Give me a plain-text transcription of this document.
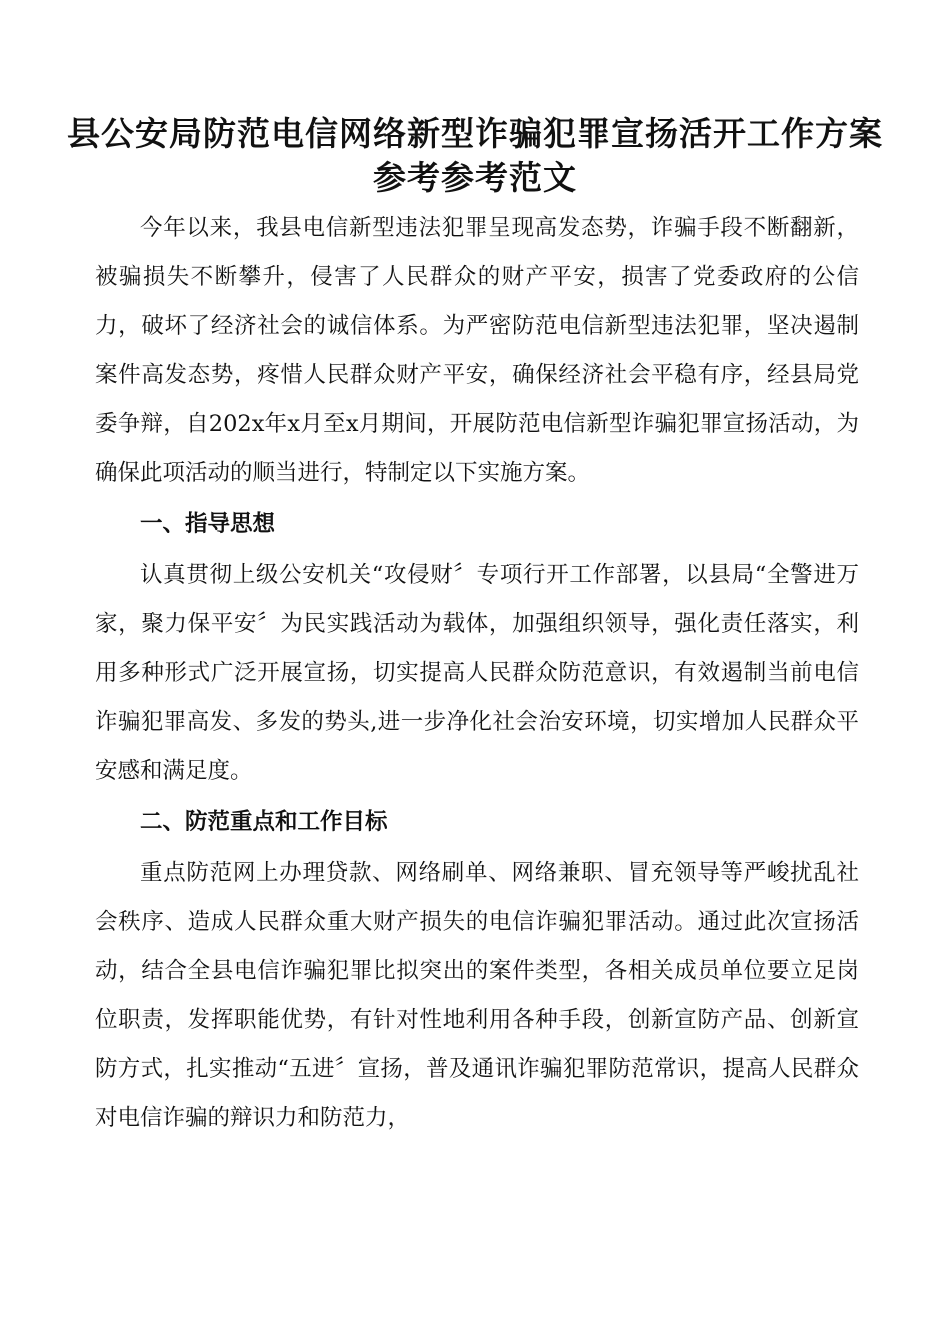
县公安局防范电信网络新型诈骗犯罪宣扬活开工作方案参考参考范文

今年以来，我县电信新型违法犯罪呈现高发态势，诈骗手段不断翻新，被骗损失不断攀升，侵害了人民群众的财产平安，损害了党委政府的公信力，破坏了经济社会的诚信体系。为严密防范电信新型违法犯罪，坚决遏制案件高发态势，疼惜人民群众财产平安，确保经济社会平稳有序，经县局党委争辩，自202x年x月至x月期间，开展防范电信新型诈骗犯罪宣扬活动，为确保此项活动的顺当进行，特制定以下实施方案。

一、指导思想

认真贯彻上级公安机关“攻侵财〞专项行开工作部署，以县局“全警进万家，聚力保平安〞为民实践活动为载体，加强组织领导，强化责任落实，利用多种形式广泛开展宣扬，切实提高人民群众防范意识，有效遏制当前电信诈骗犯罪高发、多发的势头,进一步净化社会治安环境，切实增加人民群众平安感和满足度。

二、防范重点和工作目标

重点防范网上办理贷款、网络刷单、网络兼职、冒充领导等严峻扰乱社会秩序、造成人民群众重大财产损失的电信诈骗犯罪活动。通过此次宣扬活动，结合全县电信诈骗犯罪比拟突出的案件类型，各相关成员单位要立足岗位职责，发挥职能优势，有针对性地利用各种手段，创新宣防产品、创新宣防方式，扎实推动“五进〞宣扬，普及通讯诈骗犯罪防范常识，提高人民群众对电信诈骗的辩识力和防范力，
